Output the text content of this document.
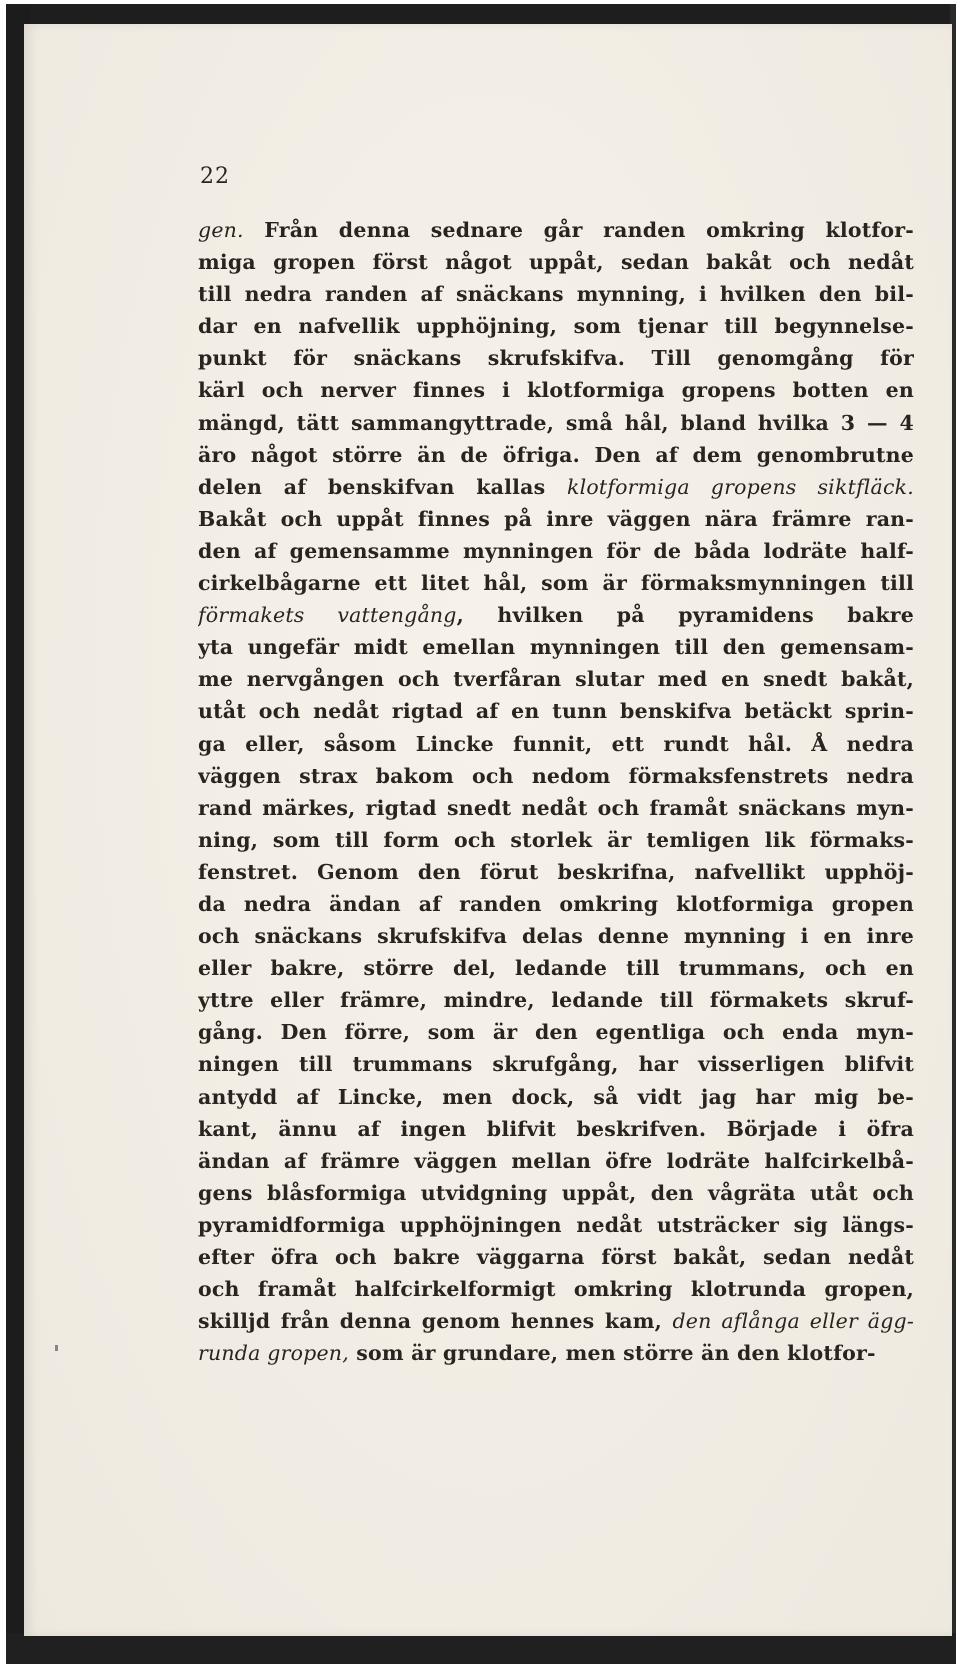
22
gen. Från denna sednare går randen omkring klotfor-
miga gropen först något uppåt, sedan bakåt och nedåt
till nedra randen af snäckans mynning, i hvilken den bil-
dar en nafvellik upphöjning, som tjenar till begynnelse-
punkt för snäckans skrufskifva. Till genomgång för
kärl och nerver finnes i klotformiga gropens botten en
mängd, tätt sammangyttrade, små hål, bland hvilka 3 — 4
äro något större än de öfriga. Den af dem genombrutne
delen af benskifvan kallas klotformiga gropens siktfläck.
Bakåt och uppåt finnes på inre väggen nära främre ran-
den af gemensamme mynningen för de båda lodräte half-
cirkelbågarne ett litet hål, som är förmaksmynningen till
förmakets vattengång, hvilken på pyramidens bakre
yta ungefär midt emellan mynningen till den gemensam-
me nervgången och tverfåran slutar med en snedt bakåt,
utåt och nedåt rigtad af en tunn benskifva betäckt sprin-
ga eller, såsom Lincke funnit, ett rundt hål. Å nedra
väggen strax bakom och nedom förmaksfenstrets nedra
rand märkes, rigtad snedt nedåt och framåt snäckans myn-
ning, som till form och storlek är temligen lik förmaks-
fenstret. Genom den förut beskrifna, nafvellikt upphöj-
da nedra ändan af randen omkring klotformiga gropen
och snäckans skrufskifva delas denne mynning i en inre
eller bakre, större del, ledande till trummans, och en
yttre eller främre, mindre, ledande till förmakets skruf-
gång. Den förre, som är den egentliga och enda myn-
ningen till trummans skrufgång, har visserligen blifvit
antydd af Lincke, men dock, så vidt jag har mig be-
kant, ännu af ingen blifvit beskrifven. Började i öfra
ändan af främre väggen mellan öfre lodräte halfcirkelbå-
gens blåsformiga utvidgning uppåt, den vågräta utåt och
pyramidformiga upphöjningen nedåt utsträcker sig längs-
efter öfra och bakre väggarna först bakåt, sedan nedåt
och framåt halfcirkelformigt omkring klotrunda gropen,
skilljd från denna genom hennes kam, den aflånga eller ägg-
runda gropen, som är grundare, men större än den klotfor-
